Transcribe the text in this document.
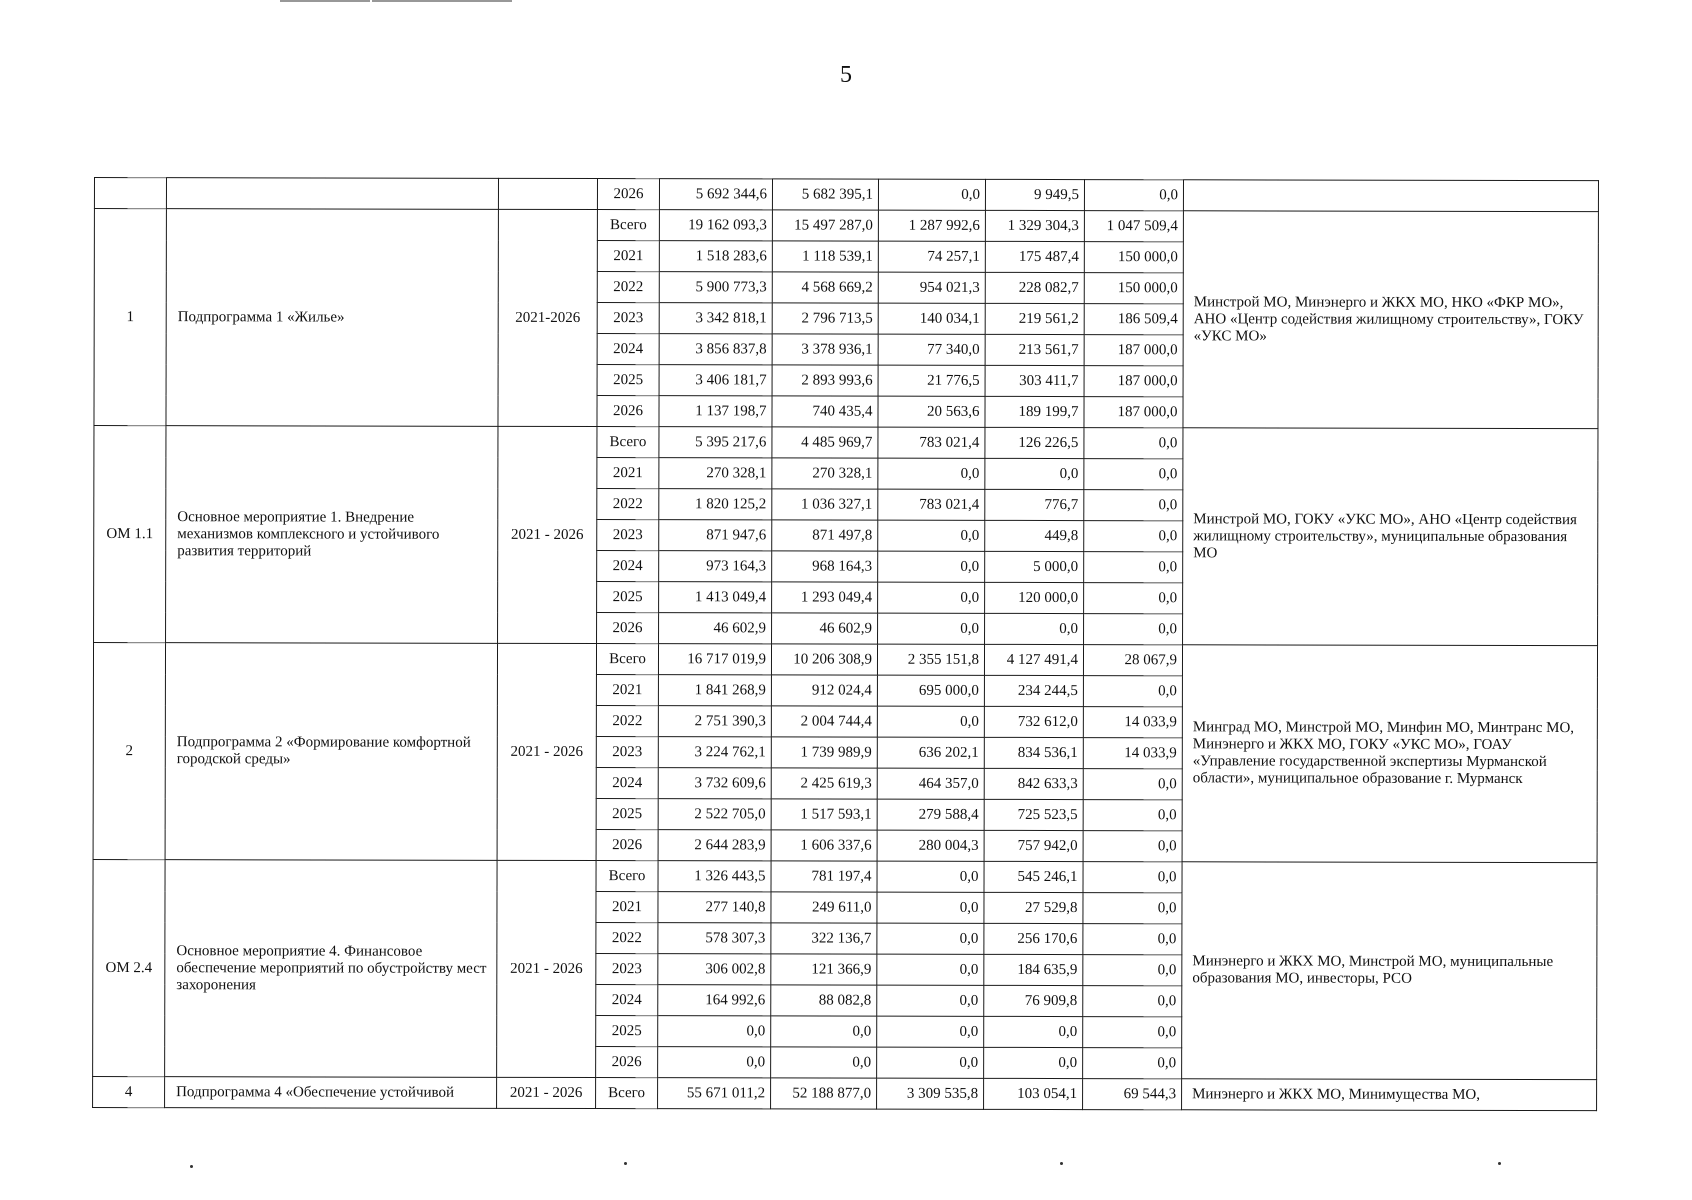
5
			2026	5 692 344,6	5 682 395,1	0,0	9 949,5	0,0	
1	Подпрограмма 1 «Жилье»	2021-2026	Всего	19 162 093,3	15 497 287,0	1 287 992,6	1 329 304,3	1 047 509,4	Минстрой МО, Минэнерго и ЖКХ МО, НКО «ФКР МО», АНО «Центр содействия жилищному строительству», ГОКУ «УКС МО»
			2021	1 518 283,6	1 118 539,1	74 257,1	175 487,4	150 000,0	
			2022	5 900 773,3	4 568 669,2	954 021,3	228 082,7	150 000,0	
			2023	3 342 818,1	2 796 713,5	140 034,1	219 561,2	186 509,4	
			2024	3 856 837,8	3 378 936,1	77 340,0	213 561,7	187 000,0	
			2025	3 406 181,7	2 893 993,6	21 776,5	303 411,7	187 000,0	
			2026	1 137 198,7	740 435,4	20 563,6	189 199,7	187 000,0	
ОМ 1.1	Основное мероприятие 1. Внедрение механизмов комплексного и устойчивого развития территорий	2021 - 2026	Всего	5 395 217,6	4 485 969,7	783 021,4	126 226,5	0,0	Минстрой МО, ГОКУ «УКС МО», АНО «Центр содействия жилищному строительству», муниципальные образования МО
			2021	270 328,1	270 328,1	0,0	0,0	0,0	
			2022	1 820 125,2	1 036 327,1	783 021,4	776,7	0,0	
			2023	871 947,6	871 497,8	0,0	449,8	0,0	
			2024	973 164,3	968 164,3	0,0	5 000,0	0,0	
			2025	1 413 049,4	1 293 049,4	0,0	120 000,0	0,0	
			2026	46 602,9	46 602,9	0,0	0,0	0,0	
2	Подпрограмма 2 «Формирование комфортной городской среды»	2021 - 2026	Всего	16 717 019,9	10 206 308,9	2 355 151,8	4 127 491,4	28 067,9	Минград МО, Минстрой МО, Минфин МО, Минтранс МО, Минэнерго и ЖКХ МО, ГОКУ «УКС МО», ГОАУ «Управление государственной экспертизы Мурманской области», муниципальное образование г. Мурманск
			2021	1 841 268,9	912 024,4	695 000,0	234 244,5	0,0	
			2022	2 751 390,3	2 004 744,4	0,0	732 612,0	14 033,9	
			2023	3 224 762,1	1 739 989,9	636 202,1	834 536,1	14 033,9	
			2024	3 732 609,6	2 425 619,3	464 357,0	842 633,3	0,0	
			2025	2 522 705,0	1 517 593,1	279 588,4	725 523,5	0,0	
			2026	2 644 283,9	1 606 337,6	280 004,3	757 942,0	0,0	
ОМ 2.4	Основное мероприятие 4. Финансовое обеспечение мероприятий по обустройству мест захоронения	2021 - 2026	Всего	1 326 443,5	781 197,4	0,0	545 246,1	0,0	Минэнерго и ЖКХ МО, Минстрой МО, муниципальные образования МО, инвесторы, РСО
			2021	277 140,8	249 611,0	0,0	27 529,8	0,0	
			2022	578 307,3	322 136,7	0,0	256 170,6	0,0	
			2023	306 002,8	121 366,9	0,0	184 635,9	0,0	
			2024	164 992,6	88 082,8	0,0	76 909,8	0,0	
			2025	0,0	0,0	0,0	0,0	0,0	
			2026	0,0	0,0	0,0	0,0	0,0	
4	Подпрограмма 4 «Обеспечение устойчивой	2021 - 2026	Всего	55 671 011,2	52 188 877,0	3 309 535,8	103 054,1	69 544,3	Минэнерго и ЖКХ МО, Минимущества МО,
